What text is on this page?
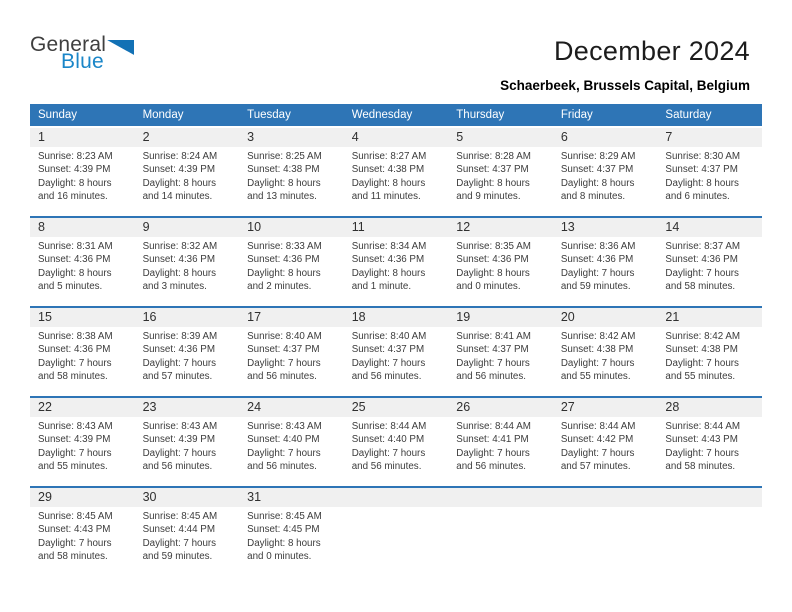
General
Blue	December 2024
Schaerbeek, Brussels Capital, Belgium
Sunday	Monday	Tuesday	Wednesday	Thursday	Friday	Saturday
1	2	3	4	5	6	7
Sunrise: 8:23 AM
Sunset: 4:39 PM
Daylight: 8 hours and 16 minutes.
Sunrise: 8:24 AM
Sunset: 4:39 PM
Daylight: 8 hours and 14 minutes.
Sunrise: 8:25 AM
Sunset: 4:38 PM
Daylight: 8 hours and 13 minutes.
Sunrise: 8:27 AM
Sunset: 4:38 PM
Daylight: 8 hours and 11 minutes.
Sunrise: 8:28 AM
Sunset: 4:37 PM
Daylight: 8 hours and 9 minutes.
Sunrise: 8:29 AM
Sunset: 4:37 PM
Daylight: 8 hours and 8 minutes.
Sunrise: 8:30 AM
Sunset: 4:37 PM
Daylight: 8 hours and 6 minutes.
8	9	10	11	12	13	14
Sunrise: 8:31 AM
Sunset: 4:36 PM
Daylight: 8 hours and 5 minutes.
Sunrise: 8:32 AM
Sunset: 4:36 PM
Daylight: 8 hours and 3 minutes.
Sunrise: 8:33 AM
Sunset: 4:36 PM
Daylight: 8 hours and 2 minutes.
Sunrise: 8:34 AM
Sunset: 4:36 PM
Daylight: 8 hours and 1 minute.
Sunrise: 8:35 AM
Sunset: 4:36 PM
Daylight: 8 hours and 0 minutes.
Sunrise: 8:36 AM
Sunset: 4:36 PM
Daylight: 7 hours and 59 minutes.
Sunrise: 8:37 AM
Sunset: 4:36 PM
Daylight: 7 hours and 58 minutes.
15	16	17	18	19	20	21
Sunrise: 8:38 AM
Sunset: 4:36 PM
Daylight: 7 hours and 58 minutes.
Sunrise: 8:39 AM
Sunset: 4:36 PM
Daylight: 7 hours and 57 minutes.
Sunrise: 8:40 AM
Sunset: 4:37 PM
Daylight: 7 hours and 56 minutes.
Sunrise: 8:40 AM
Sunset: 4:37 PM
Daylight: 7 hours and 56 minutes.
Sunrise: 8:41 AM
Sunset: 4:37 PM
Daylight: 7 hours and 56 minutes.
Sunrise: 8:42 AM
Sunset: 4:38 PM
Daylight: 7 hours and 55 minutes.
Sunrise: 8:42 AM
Sunset: 4:38 PM
Daylight: 7 hours and 55 minutes.
22	23	24	25	26	27	28
Sunrise: 8:43 AM
Sunset: 4:39 PM
Daylight: 7 hours and 55 minutes.
Sunrise: 8:43 AM
Sunset: 4:39 PM
Daylight: 7 hours and 56 minutes.
Sunrise: 8:43 AM
Sunset: 4:40 PM
Daylight: 7 hours and 56 minutes.
Sunrise: 8:44 AM
Sunset: 4:40 PM
Daylight: 7 hours and 56 minutes.
Sunrise: 8:44 AM
Sunset: 4:41 PM
Daylight: 7 hours and 56 minutes.
Sunrise: 8:44 AM
Sunset: 4:42 PM
Daylight: 7 hours and 57 minutes.
Sunrise: 8:44 AM
Sunset: 4:43 PM
Daylight: 7 hours and 58 minutes.
29	30	31
Sunrise: 8:45 AM
Sunset: 4:43 PM
Daylight: 7 hours and 58 minutes.
Sunrise: 8:45 AM
Sunset: 4:44 PM
Daylight: 7 hours and 59 minutes.
Sunrise: 8:45 AM
Sunset: 4:45 PM
Daylight: 8 hours and 0 minutes.
